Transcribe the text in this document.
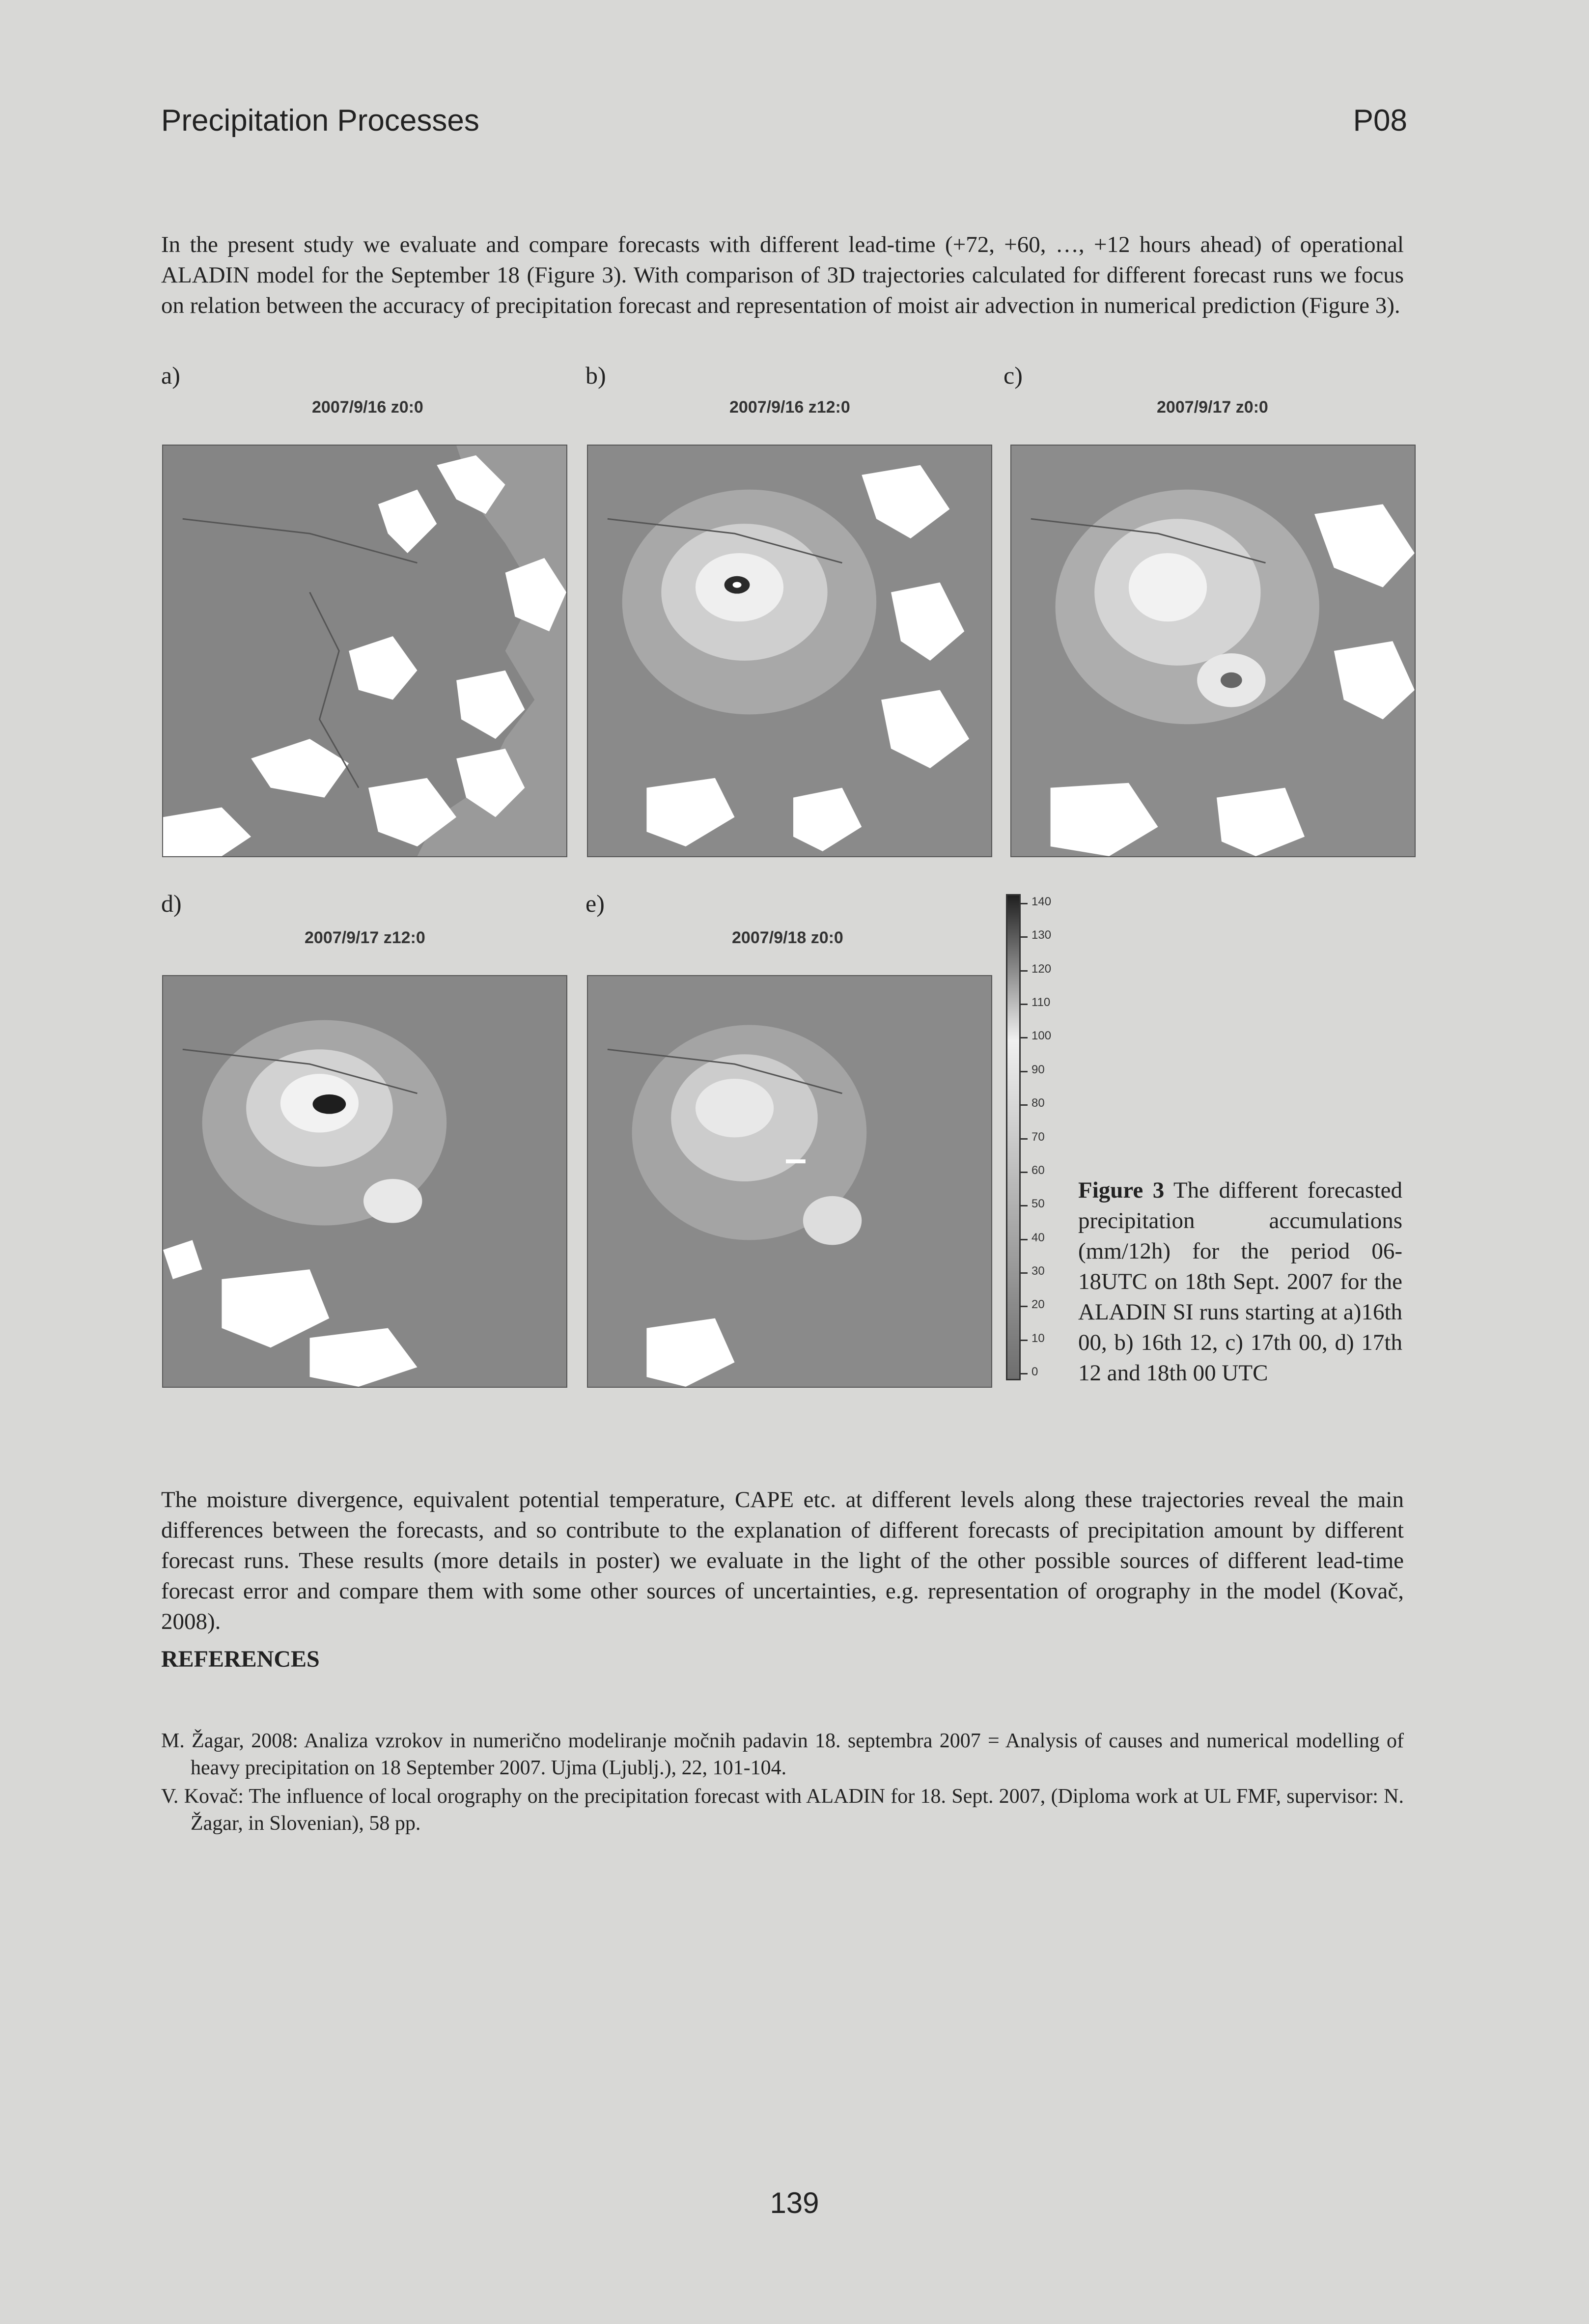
Precipitation Processes	P08

In the present study we evaluate and compare forecasts with different lead-time (+72, +60, …, +12 hours ahead) of operational ALADIN model for the September 18 (Figure 3). With comparison of 3D trajectories calculated for different forecast runs we focus on relation between the accuracy of precipitation forecast and representation of moist air advection in numerical prediction (Figure 3).

a)
2007/9/16 z0:0
b)
2007/9/16 z12:0
c)
2007/9/17 z0:0
d)
2007/9/17 z12:0
e)
2007/9/18 z0:0
140
130
120
110
100
90
80
70
60
50
40
30
20
10
0

Figure 3 The different forecasted precipitation accumulations (mm/12h) for the period 06-18UTC on 18th Sept. 2007 for the ALADIN SI runs starting at a)16th 00, b) 16th 12, c) 17th 00, d) 17th 12 and 18th 00 UTC

The moisture divergence, equivalent potential temperature, CAPE etc. at different levels along these trajectories reveal the main differences between the forecasts, and so contribute to the explanation of different forecasts of precipitation amount by different forecast runs. These results (more details in poster) we evaluate in the light of the other possible sources of different lead-time forecast error and compare them with some other sources of uncertainties, e.g. representation of orography in the model (Kovač, 2008).

REFERENCES

M. Žagar, 2008: Analiza vzrokov in numerično modeliranje močnih padavin 18. septembra 2007 = Analysis of causes and numerical modelling of heavy precipitation on 18 September 2007. Ujma (Ljublj.), 22, 101-104.

V. Kovač: The influence of local orography on the precipitation forecast with ALADIN for 18. Sept. 2007, (Diploma work at UL FMF, supervisor: N. Žagar, in Slovenian), 58 pp.

139
